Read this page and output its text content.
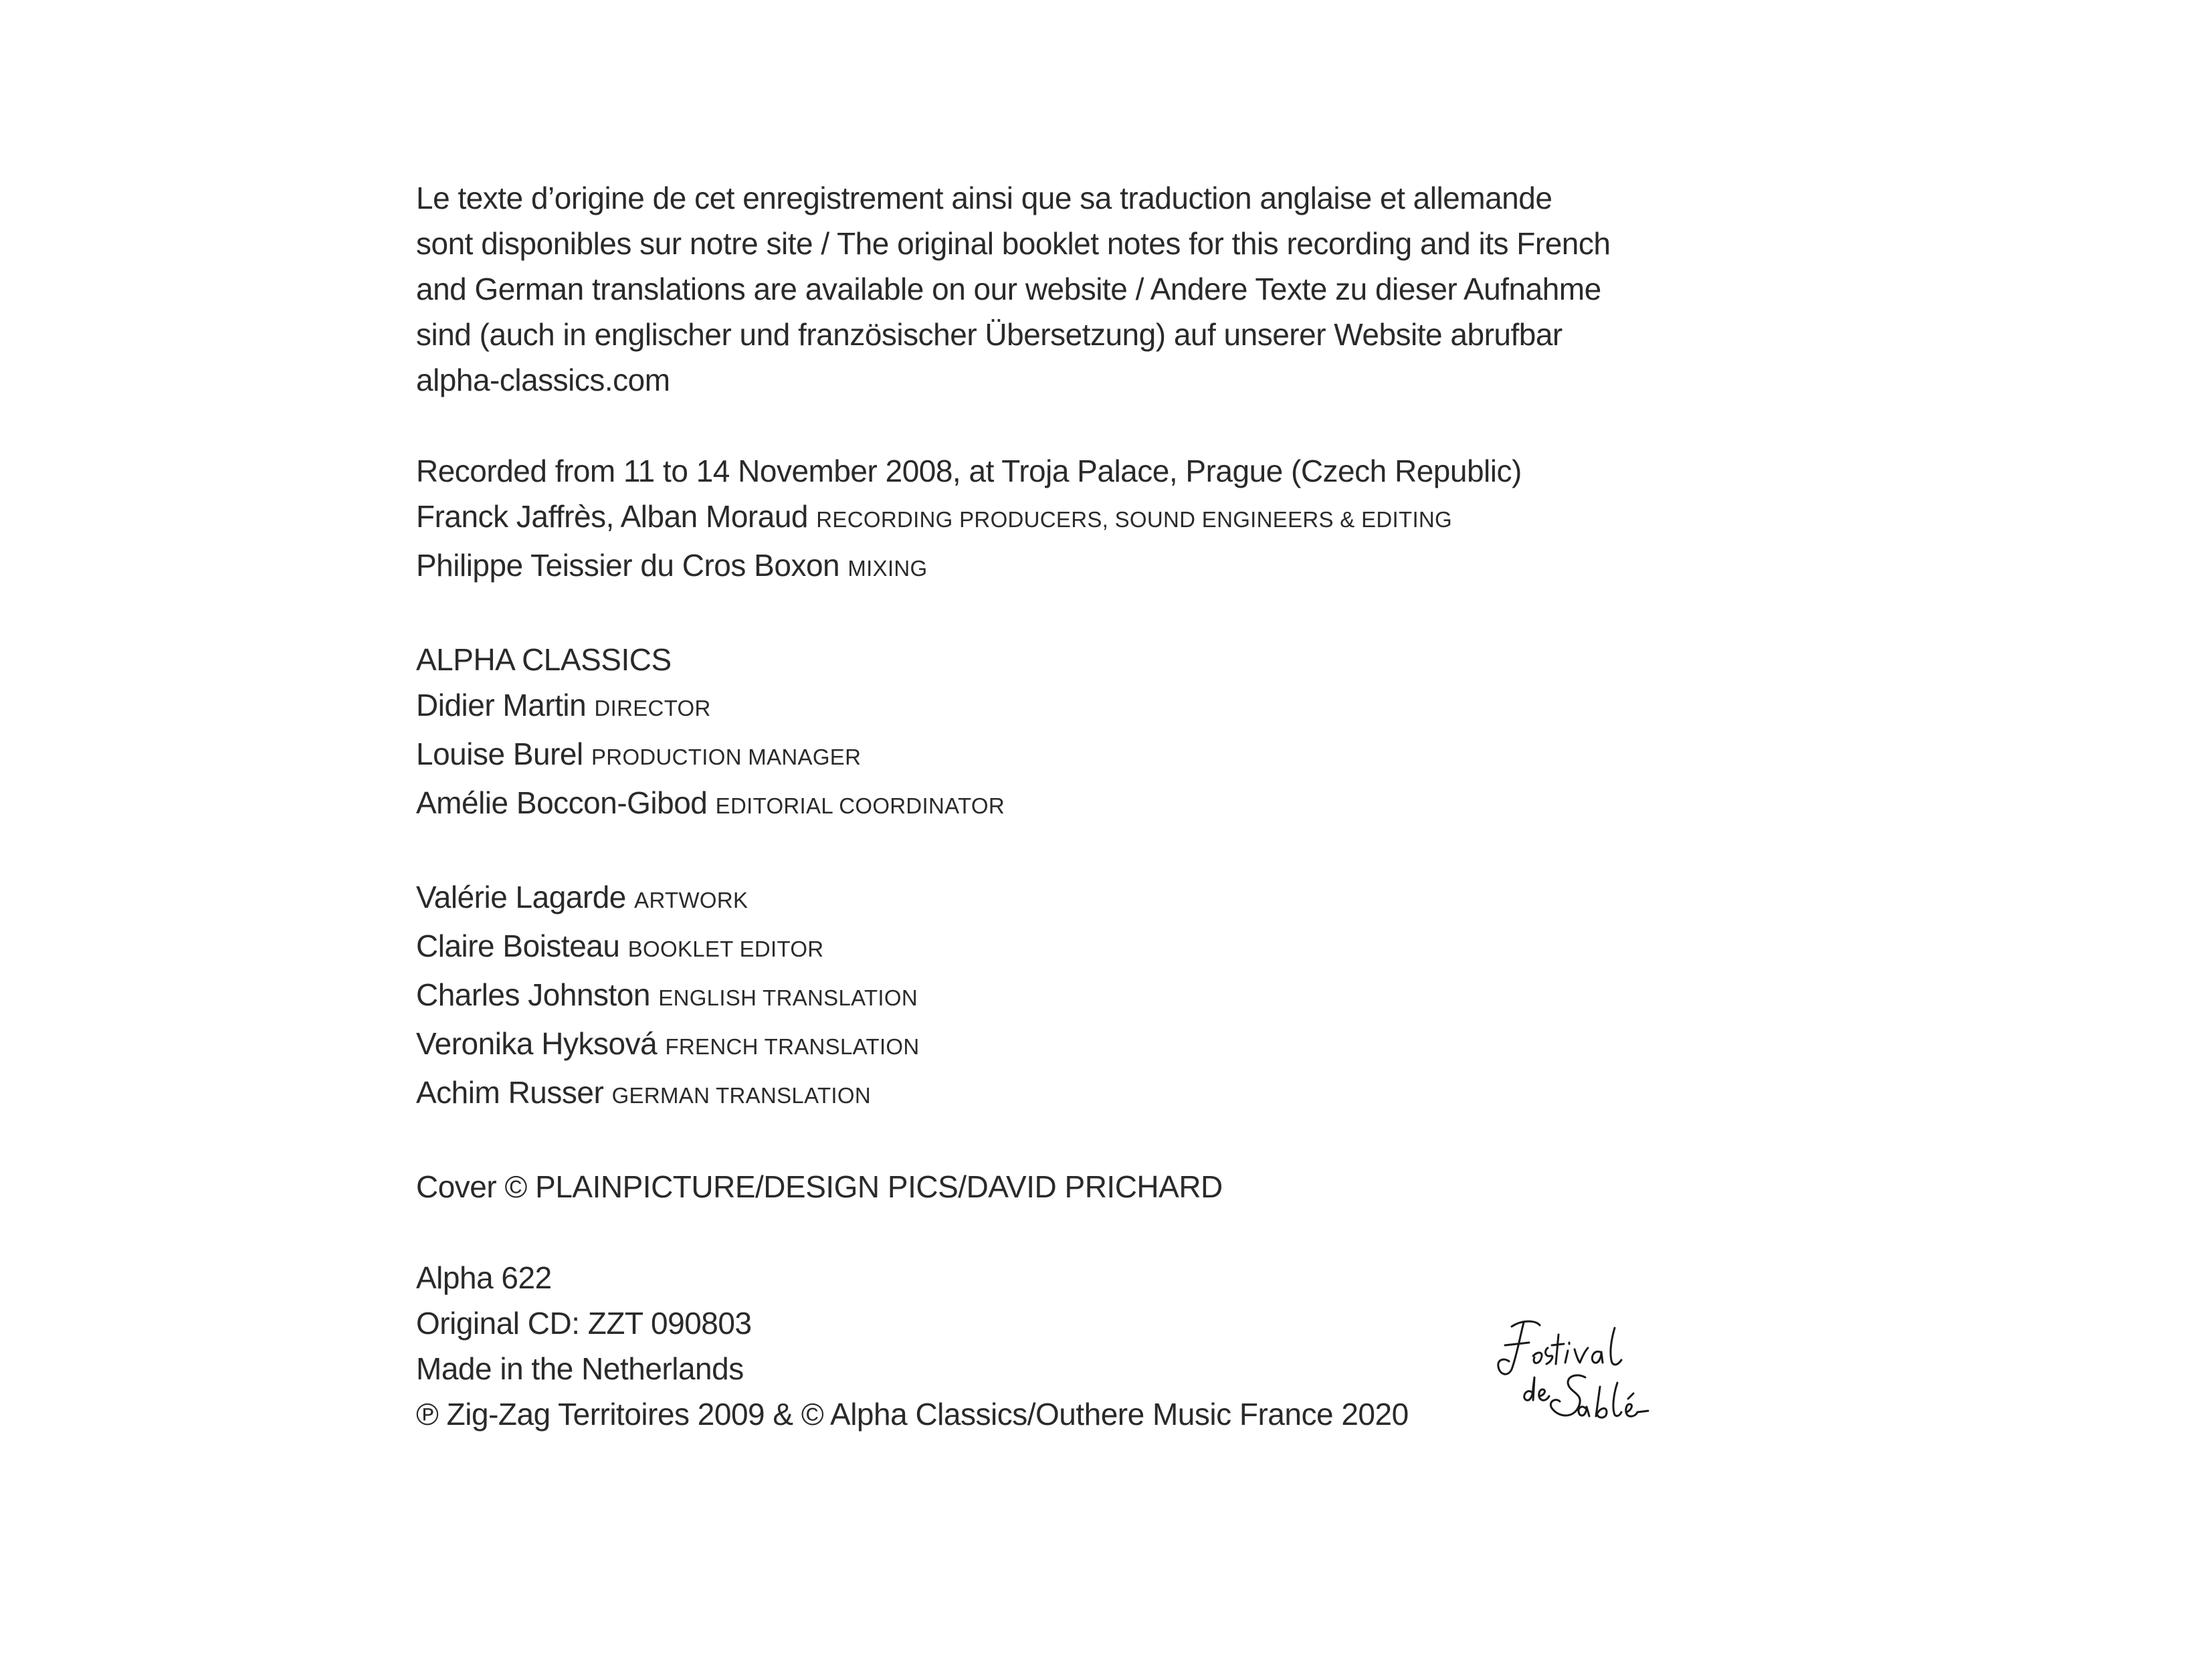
Le texte d’origine de cet enregistrement ainsi que sa traduction anglaise et allemande

sont disponibles sur notre site / The original booklet notes for this recording and its French

and German translations are available on our website / Andere Texte zu dieser Aufnahme

sind (auch in englischer und französischer Übersetzung) auf unserer Website abrufbar

alpha-classics.com

Recorded from 11 to 14 November 2008, at Troja Palace, Prague (Czech Republic)

Franck Jaffrès, Alban Moraud RECORDING PRODUCERS, SOUND ENGINEERS & EDITING

Philippe Teissier du Cros Boxon MIXING

ALPHA CLASSICS

Didier Martin DIRECTOR

Louise Burel PRODUCTION MANAGER

Amélie Boccon-Gibod EDITORIAL COORDINATOR

Valérie Lagarde ARTWORK

Claire Boisteau BOOKLET EDITOR

Charles Johnston ENGLISH TRANSLATION

Veronika Hyksová FRENCH TRANSLATION

Achim Russer GERMAN TRANSLATION

Cover © PLAINPICTURE/DESIGN PICS/DAVID PRICHARD

Alpha 622

Original CD: ZZT 090803

Made in the Netherlands

℗ Zig-Zag Territoires 2009 & © Alpha Classics/Outhere Music France 2020
